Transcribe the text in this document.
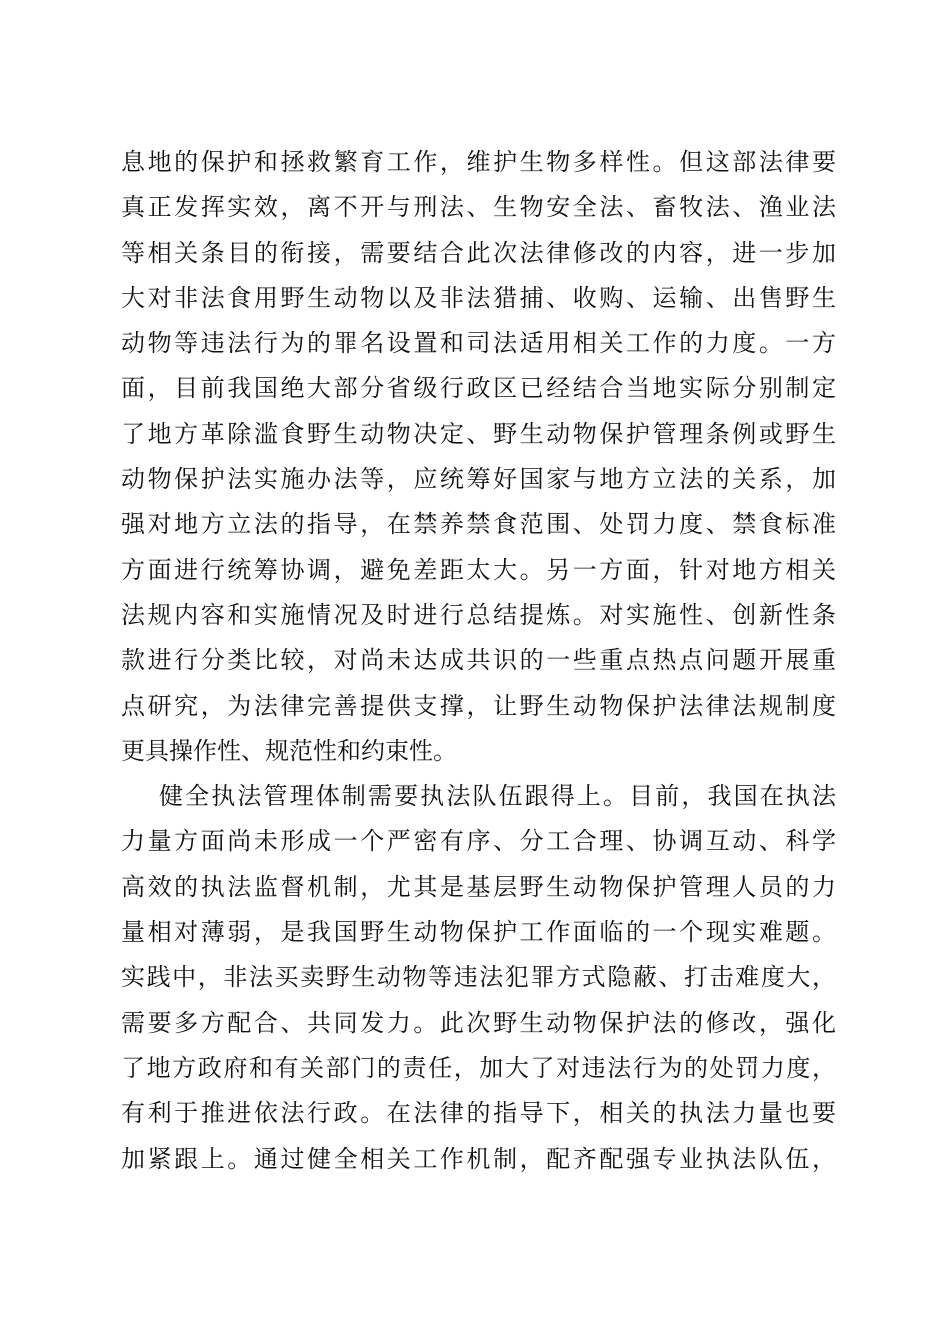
息地的保护和拯救繁育工作，维护生物多样性。但这部法律要
真正发挥实效，离不开与刑法、生物安全法、畜牧法、渔业法
等相关条目的衔接，需要结合此次法律修改的内容，进一步加
大对非法食用野生动物以及非法猎捕、收购、运输、出售野生
动物等违法行为的罪名设置和司法适用相关工作的力度。一方
面，目前我国绝大部分省级行政区已经结合当地实际分别制定
了地方革除滥食野生动物决定、野生动物保护管理条例或野生
动物保护法实施办法等，应统筹好国家与地方立法的关系，加
强对地方立法的指导，在禁养禁食范围、处罚力度、禁食标准
方面进行统筹协调，避免差距太大。另一方面，针对地方相关
法规内容和实施情况及时进行总结提炼。对实施性、创新性条
款进行分类比较，对尚未达成共识的一些重点热点问题开展重
点研究，为法律完善提供支撑，让野生动物保护法律法规制度
更具操作性、规范性和约束性。
健全执法管理体制需要执法队伍跟得上。目前，我国在执法
力量方面尚未形成一个严密有序、分工合理、协调互动、科学
高效的执法监督机制，尤其是基层野生动物保护管理人员的力
量相对薄弱，是我国野生动物保护工作面临的一个现实难题。
实践中，非法买卖野生动物等违法犯罪方式隐蔽、打击难度大，
需要多方配合、共同发力。此次野生动物保护法的修改，强化
了地方政府和有关部门的责任，加大了对违法行为的处罚力度，
有利于推进依法行政。在法律的指导下，相关的执法力量也要
加紧跟上。通过健全相关工作机制，配齐配强专业执法队伍，
